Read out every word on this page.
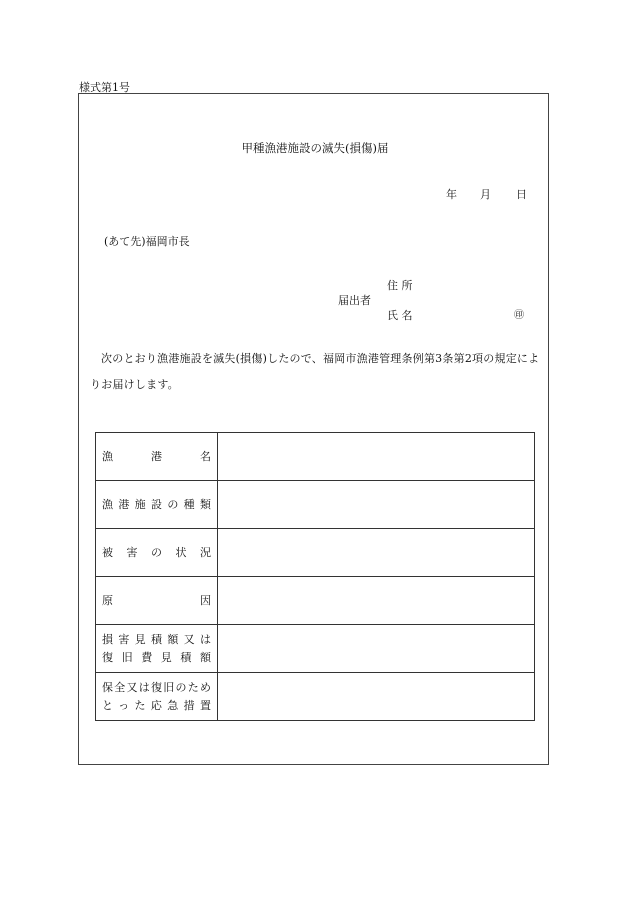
様式第1号
甲種漁港施設の滅失(損傷)届
年 月 日
(あて先)福岡市長
届出者
住 所
氏 名	㊞
次のとおり漁港施設を滅失(損傷)したので、福岡市漁港管理条例第3条第2項の規定によりお届けします。
漁 港 名	

漁港施設の種類	

被 害 の 状 況	

原 因	

損害見積額又は
復旧費見積額	

保全又は復旧のため
とった応急措置	
